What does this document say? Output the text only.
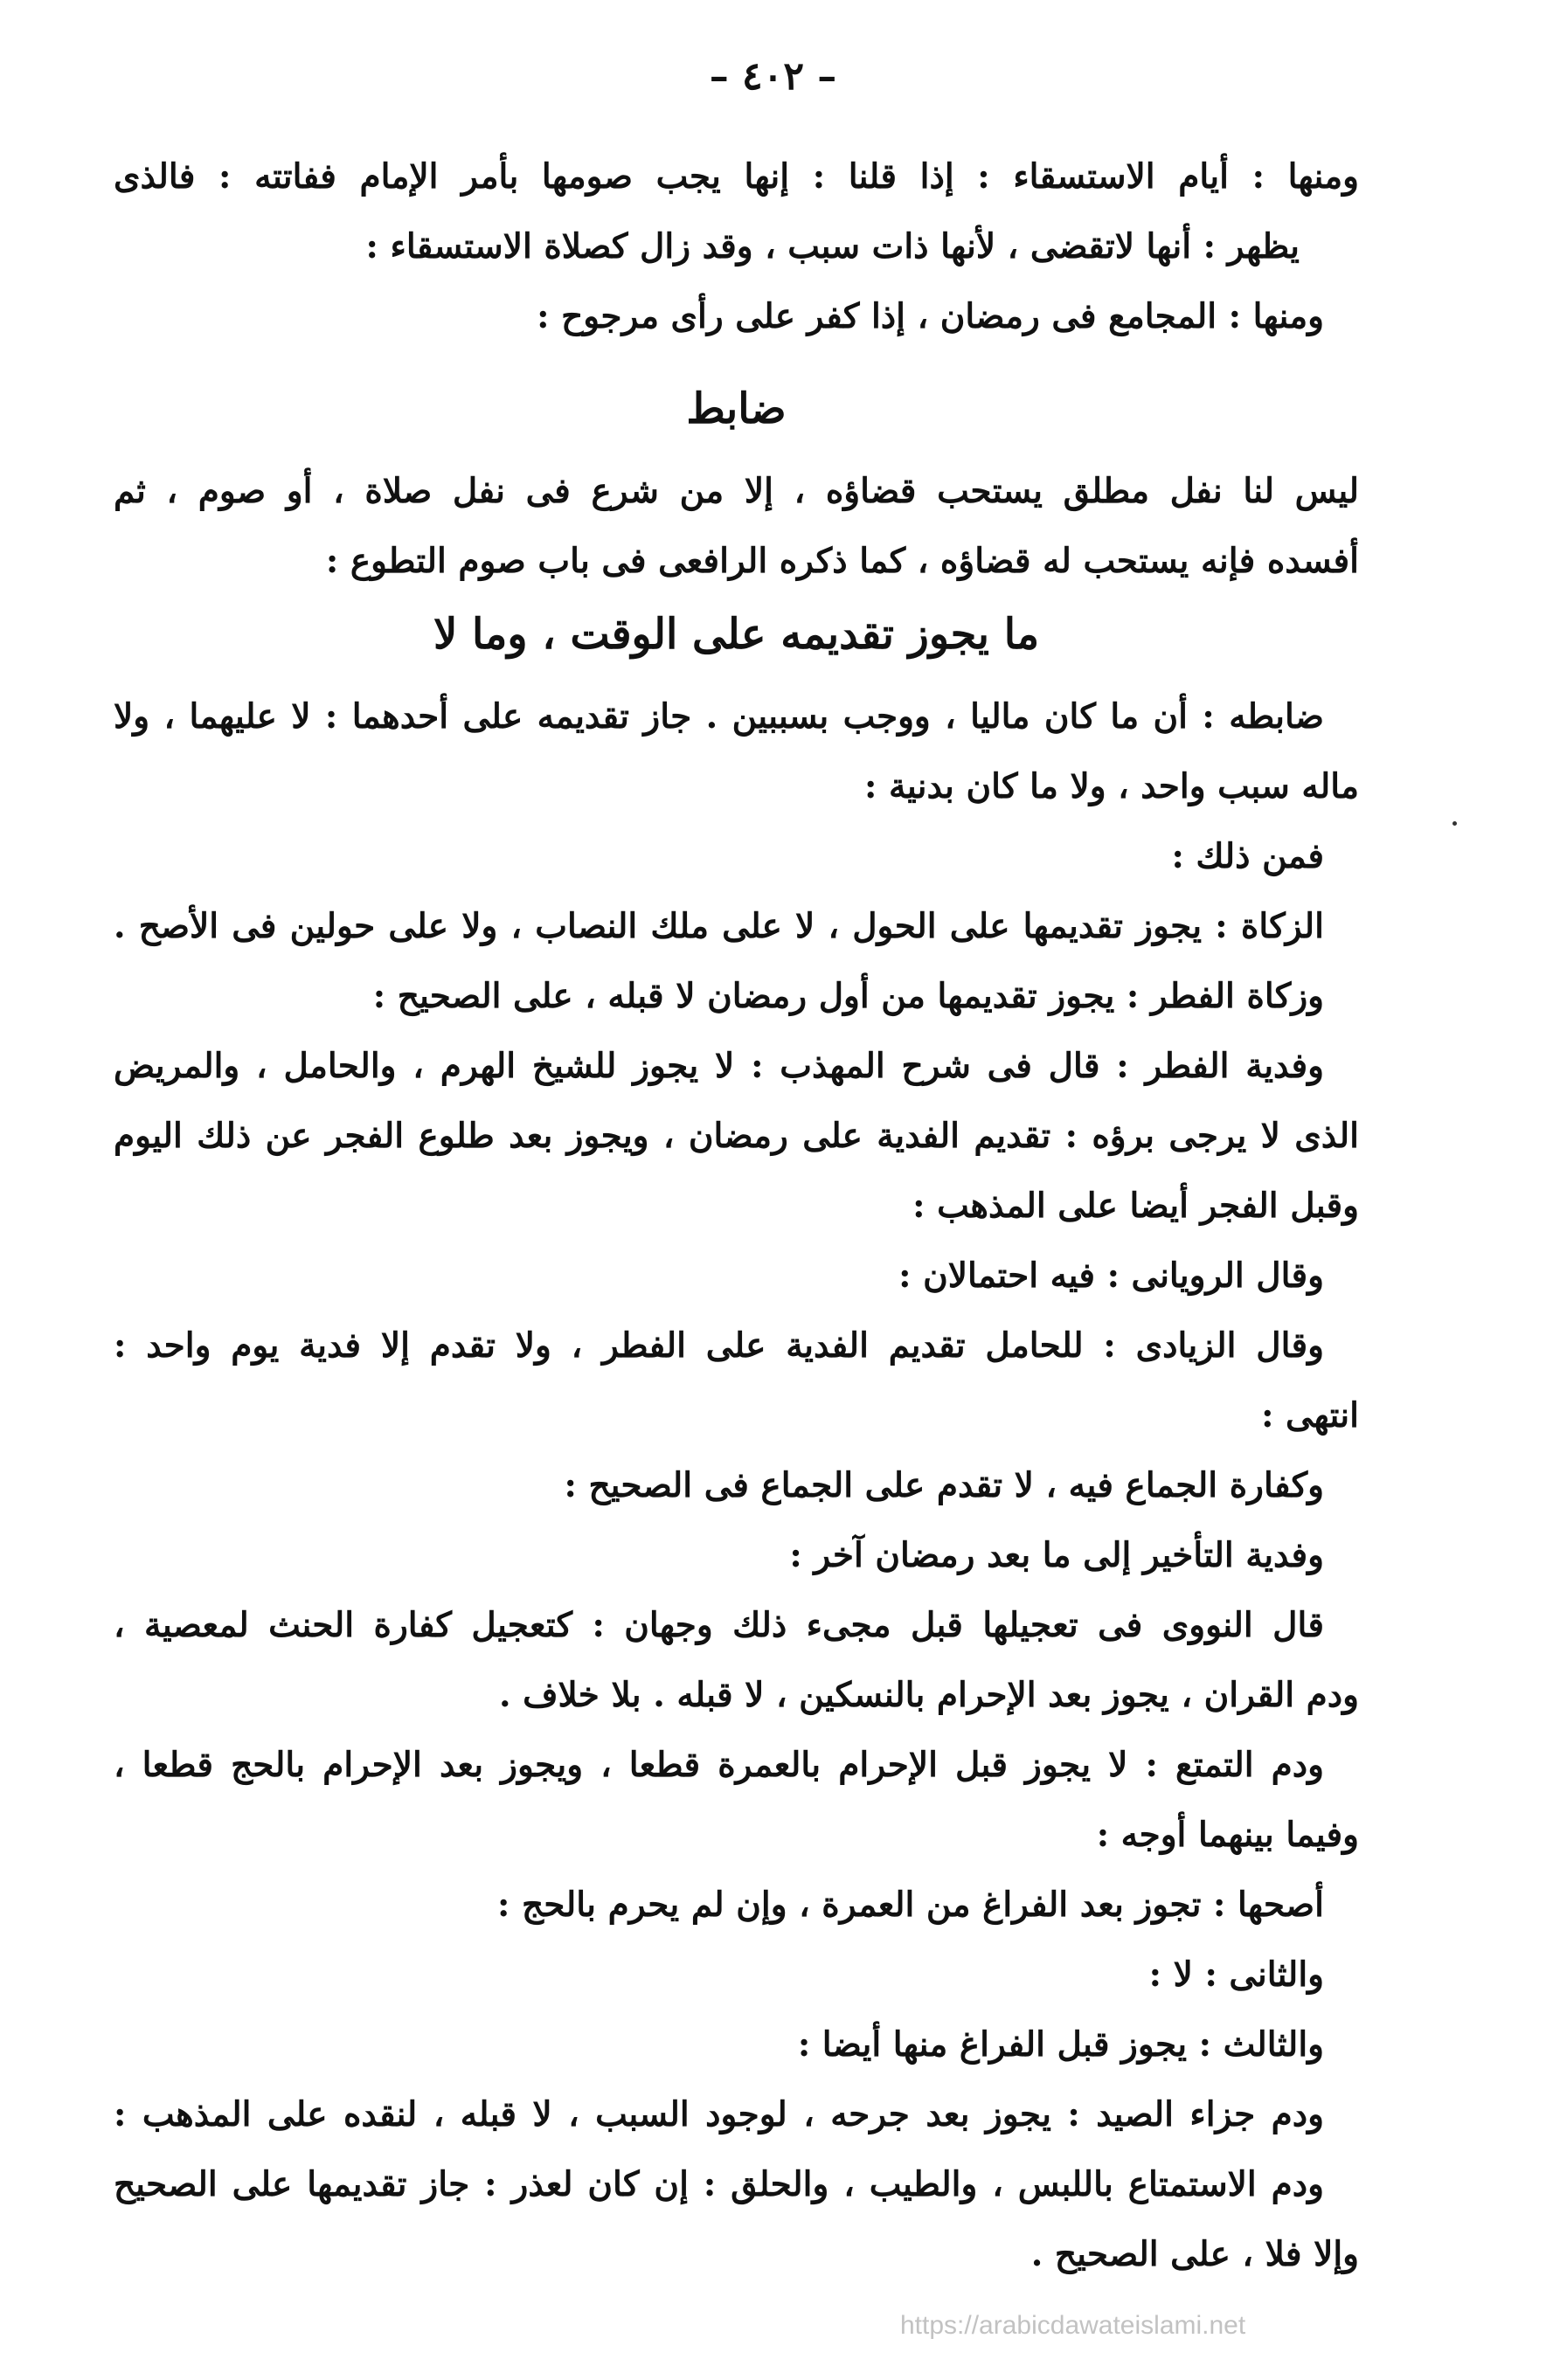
– ٤٠٢ –
ومنها : أيام الاستسقاء : إذا قلنا : إنها يجب صومها بأمر الإمام ففاتته : فالذى
يظهر : أنها لاتقضى ، لأنها ذات سبب ، وقد زال كصلاة الاستسقاء :
ومنها : المجامع فى رمضان ، إذا كفر على رأى مرجوح :
ضابط
ليس لنا نفل مطلق يستحب قضاؤه ، إلا من شرع فى نفل صلاة ، أو صوم ، ثم
أفسده فإنه يستحب له قضاؤه ، كما ذكره الرافعى فى باب صوم التطوع :
ما يجوز تقديمه على الوقت ، وما لا
ضابطه : أن ما كان ماليا ، ووجب بسببين . جاز تقديمه على أحدهما : لا عليهما ، ولا
ماله سبب واحد ، ولا ما كان بدنية :
فمن ذلك :
الزكاة : يجوز تقديمها على الحول ، لا على ملك النصاب ، ولا على حولين فى الأصح .
وزكاة الفطر : يجوز تقديمها من أول رمضان لا قبله ، على الصحيح :
وفدية الفطر : قال فى شرح المهذب : لا يجوز للشيخ الهرم ، والحامل ، والمريض
الذى لا يرجى برؤه : تقديم الفدية على رمضان ، ويجوز بعد طلوع الفجر عن ذلك اليوم
وقبل الفجر أيضا على المذهب :
وقال الرويانى : فيه احتمالان :
وقال الزيادى : للحامل تقديم الفدية على الفطر ، ولا تقدم إلا فدية يوم واحد :
انتهى :
وكفارة الجماع فيه ، لا تقدم على الجماع فى الصحيح :
وفدية التأخير إلى ما بعد رمضان آخر :
قال النووى فى تعجيلها قبل مجىء ذلك وجهان : كتعجيل كفارة الحنث لمعصية ،
ودم القران ، يجوز بعد الإحرام بالنسكين ، لا قبله . بلا خلاف .
ودم التمتع : لا يجوز قبل الإحرام بالعمرة قطعا ، ويجوز بعد الإحرام بالحج قطعا ،
وفيما بينهما أوجه :
أصحها : تجوز بعد الفراغ من العمرة ، وإن لم يحرم بالحج :
والثانى : لا :
والثالث : يجوز قبل الفراغ منها أيضا :
ودم جزاء الصيد : يجوز بعد جرحه ، لوجود السبب ، لا قبله ، لنقده على المذهب :
ودم الاستمتاع باللبس ، والطيب ، والحلق : إن كان لعذر : جاز تقديمها على الصحيح
وإلا فلا ، على الصحيح .
https://arabicdawateislami.net
